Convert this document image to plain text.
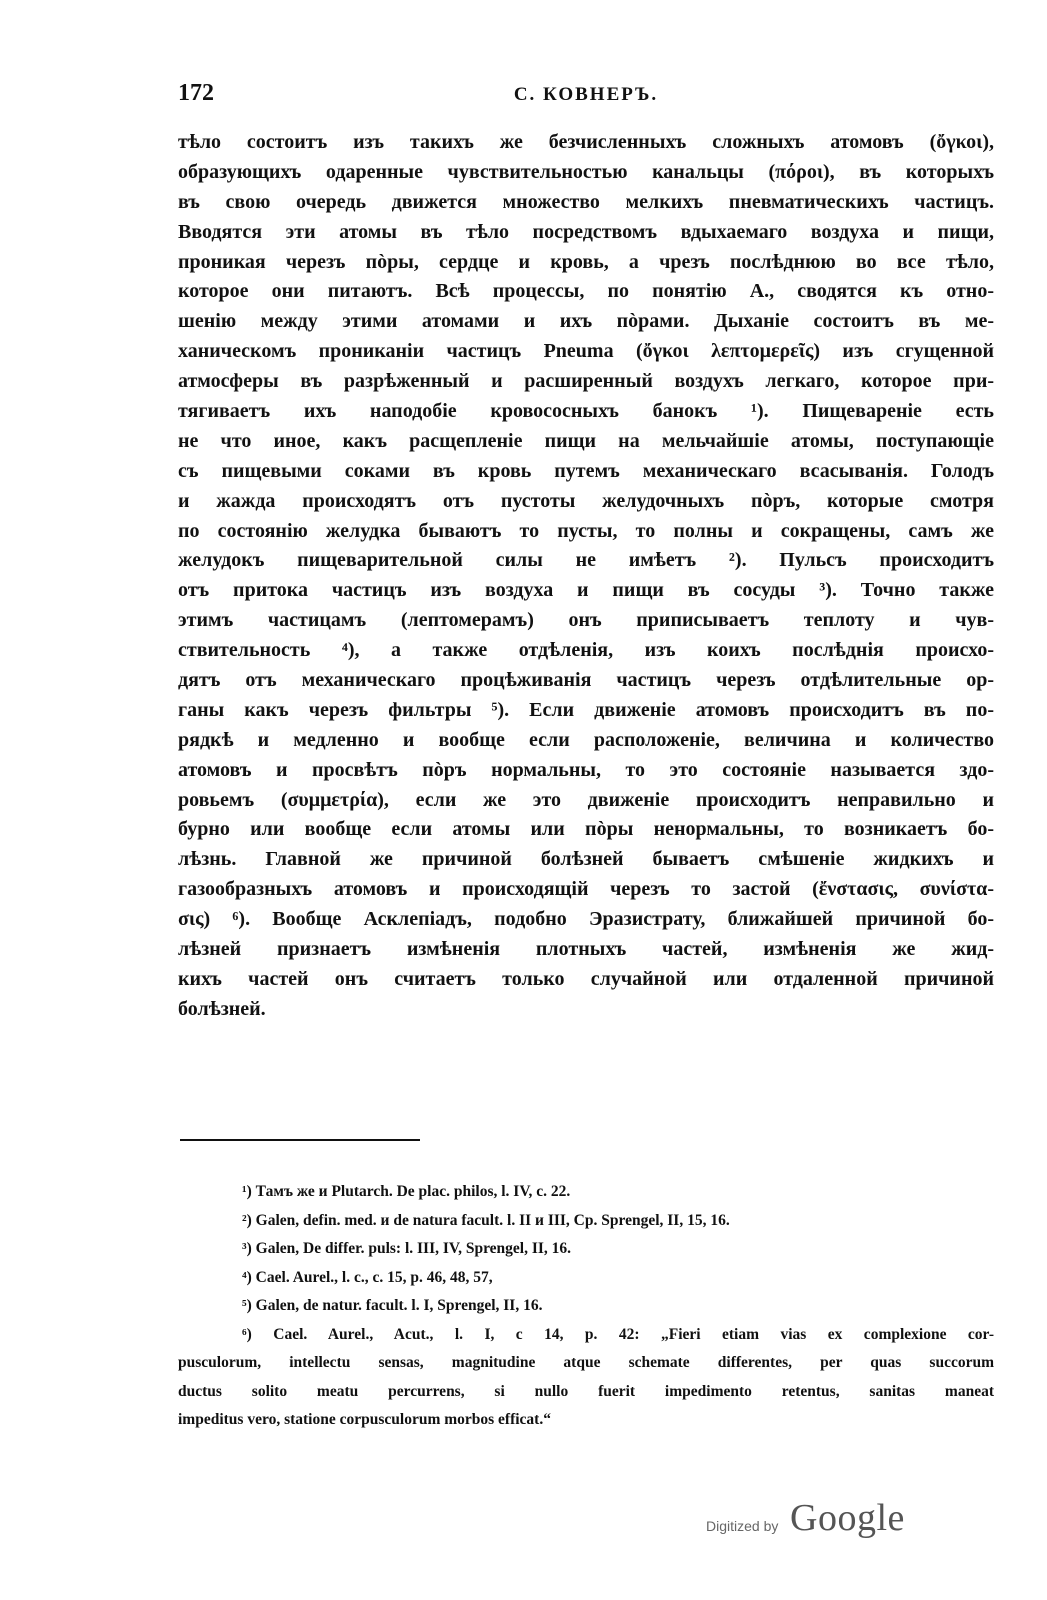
172	С. КОВНЕРЪ.
тѣло состоитъ изъ такихъ же безчисленныхъ сложныхъ атомовъ (ὄγκοι),
образующихъ одаренные чувствительностью канальцы (πόροι), въ которыхъ
въ свою очередь движется множество мелкихъ пневматическихъ частицъ.
Вводятся эти атомы въ тѣло посредствомъ вдыхаемаго воздуха и пищи,
проникая черезъ пòры, сердце и кровь, а чрезъ послѣднюю во все тѣло,
которое они питаютъ. Всѣ процессы, по понятію А., сводятся къ отно-
шенію между этими атомами и ихъ пòрами. Дыханіе состоитъ въ ме-
ханическомъ прониканіи частицъ Pneuma (ὄγκοι λεπτομερεῖς) изъ сгущенной
атмосферы въ разрѣженный и расширенный воздухъ легкаго, которое при-
тягиваетъ ихъ наподобіе кровососныхъ банокъ ¹). Пищевареніе есть
не что иное, какъ расщепленіе пищи на мельчайшіе атомы, поступающіе
съ пищевыми соками въ кровь путемъ механическаго всасыванія. Голодъ
и жажда происходятъ отъ пустоты желудочныхъ пòръ, которые смотря
по состоянію желудка бываютъ то пусты, то полны и сокращены, самъ же
желудокъ пищеварительной силы не имѣетъ ²). Пульсъ происходитъ
отъ притока частицъ изъ воздуха и пищи въ сосуды ³). Точно также
этимъ частицамъ (лептомерамъ) онъ приписываетъ теплоту и чув-
ствительность ⁴), а также отдѣленія, изъ коихъ послѣднія происхо-
дятъ отъ механическаго процѣживанія частицъ черезъ отдѣлительные ор-
ганы какъ черезъ фильтры ⁵). Если движеніе атомовъ происходитъ въ по-
рядкѣ и медленно и вообще если расположеніе, величина и количество
атомовъ и просвѣтъ пòръ нормальны, то это состояніе называется здо-
ровьемъ (συμμετρία), если же это движеніе происходитъ неправильно и
бурно или вообще если атомы или пòры ненормальны, то возникаетъ бо-
лѣзнь. Главной же причиной болѣзней бываетъ смѣшеніе жидкихъ и
газообразныхъ атомовъ и происходящій черезъ то застой (ἔνστασις, συνίστα-
σις) ⁶). Вообще Асклепіадъ, подобно Эразистрату, ближайшей причиной бо-
лѣзней признаетъ измѣненія плотныхъ частей, измѣненія же жид-
кихъ частей онъ считаетъ только случайной или отдаленной причиной
болѣзней.
¹) Тамъ же и Plutarch. De plac. philos, l. IV, c. 22.
²) Galen, defin. med. и de natura facult. l. II и III, Cp. Sprengel, II, 15, 16.
³) Galen, De differ. puls: l. III, IV, Sprengel, II, 16.
⁴) Cael. Aurel., l. c., c. 15, p. 46, 48, 57,
⁵) Galen, de natur. facult. l. I, Sprengel, II, 16.
⁶) Cael. Aurel., Acut., l. I, c 14, p. 42: „Fieri etiam vias ex complexione cor-
pusculorum, intellectu sensas, magnitudine atque schemate differentes, per quas succorum
ductus solito meatu percurrens, si nullo fuerit impedimento retentus, sanitas maneat
impeditus vero, statione corpusculorum morbos efficat.“
Digitized by Google
